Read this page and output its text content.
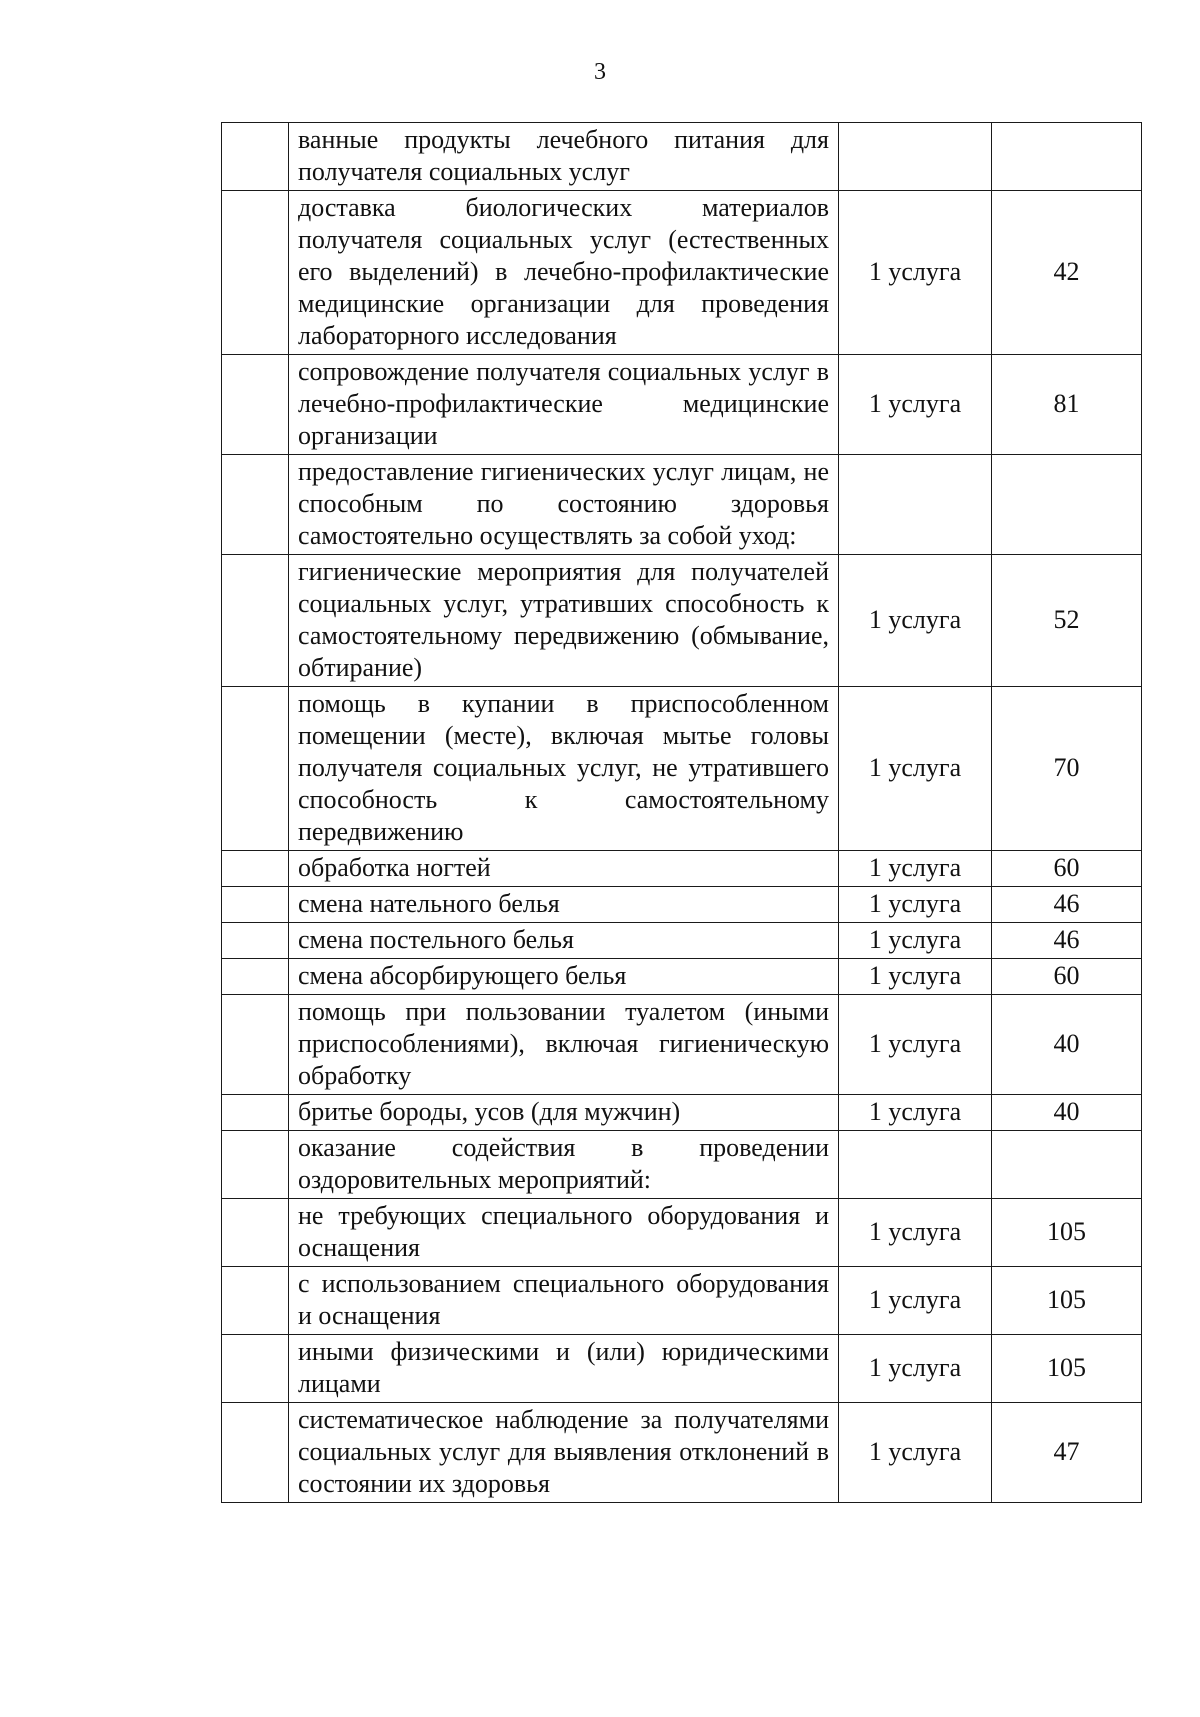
3
	ванные продукты лечебного питания для получателя социальных услуг		
	доставка биологических материалов получателя социальных услуг (естественных его выделений) в лечебно-профилактические медицинские организации для проведения лабораторного исследования	1 услуга	42
	сопровождение получателя социальных услуг в лечебно-профилактические медицинские организации	1 услуга	81
	предоставление гигиенических услуг лицам, не способным по состоянию здоровья самостоятельно осуществлять за собой уход:		
	гигиенические мероприятия для получателей социальных услуг, утративших способность к самостоятельному передвижению (обмывание, обтирание)	1 услуга	52
	помощь в купании в приспособленном помещении (месте), включая мытье головы получателя социальных услуг, не утратившего способность к самостоятельному передвижению	1 услуга	70
	обработка ногтей	1 услуга	60
	смена нательного белья	1 услуга	46
	смена постельного белья	1 услуга	46
	смена абсорбирующего белья	1 услуга	60
	помощь при пользовании туалетом (иными приспособлениями), включая гигиеническую обработку	1 услуга	40
	бритье бороды, усов (для мужчин)	1 услуга	40
	оказание содействия в проведении оздоровительных мероприятий:		
	не требующих специального оборудования и оснащения	1 услуга	105
	с использованием специального оборудования и оснащения	1 услуга	105
	иными физическими и (или) юридическими лицами	1 услуга	105
	систематическое наблюдение за получателями социальных услуг для выявления отклонений в состоянии их здоровья	1 услуга	47
